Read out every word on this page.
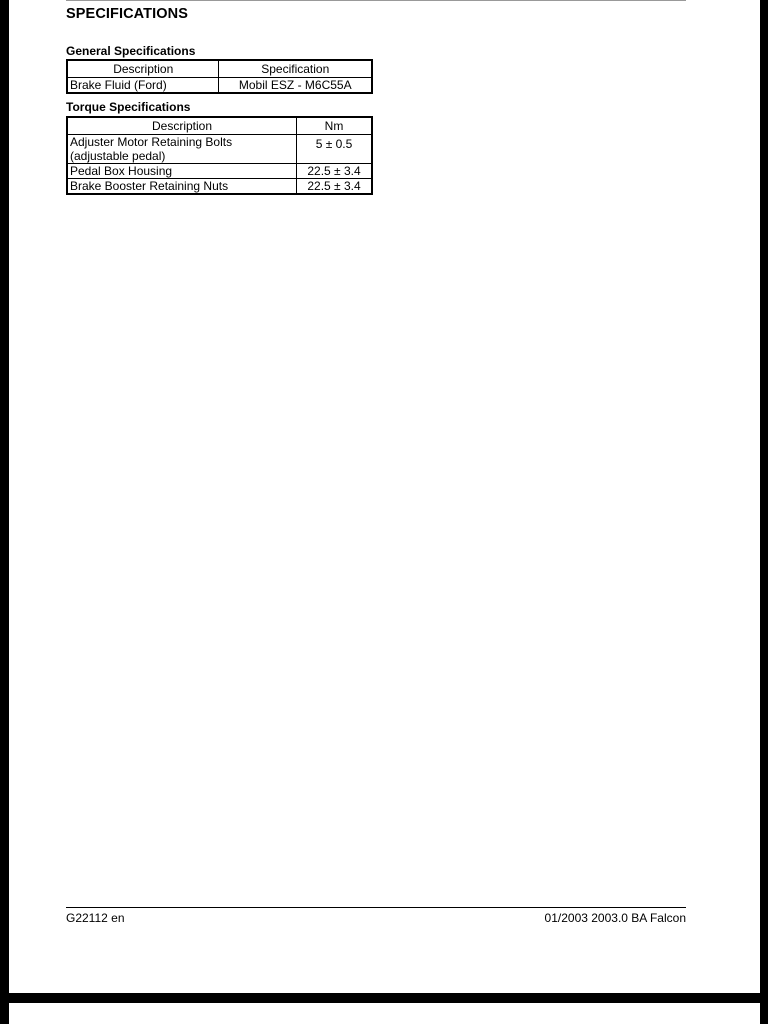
SPECIFICATIONS
General Specifications
Description	Specification
Brake Fluid (Ford)	Mobil ESZ - M6C55A
Torque Specifications
Description	Nm
Adjuster Motor Retaining Bolts (adjustable pedal)	5 ± 0.5
Pedal Box Housing	22.5 ± 3.4
Brake Booster Retaining Nuts	22.5 ± 3.4
G22112 en	01/2003 2003.0 BA Falcon
